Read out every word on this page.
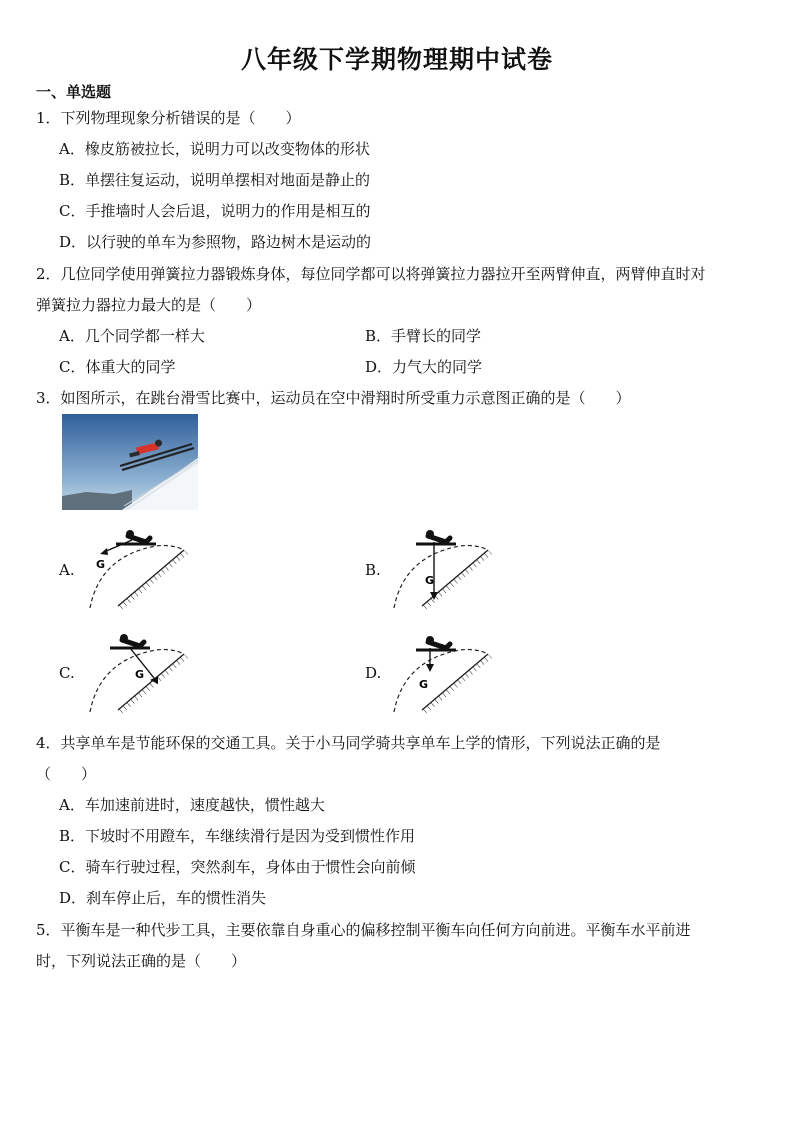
八年级下学期物理期中试卷
一、单选题
1．下列物理现象分析错误的是（　　）
A．橡皮筋被拉长，说明力可以改变物体的形状
B．单摆往复运动，说明单摆相对地面是静止的
C．手推墙时人会后退，说明力的作用是相互的
D．以行驶的单车为参照物，路边树木是运动的
2．几位同学使用弹簧拉力器锻炼身体，每位同学都可以将弹簧拉力器拉开至两臂伸直，两臂伸直时对
弹簧拉力器拉力最大的是（　　）
A．几个同学都一样大	B．手臂长的同学
C．体重大的同学	D．力气大的同学
3．如图所示，在跳台滑雪比赛中，运动员在空中滑翔时所受重力示意图正确的是（　　）
A. G	B.
G
C.	G	D.
G
4．共享单车是节能环保的交通工具。关于小马同学骑共享单车上学的情形，下列说法正确的是
（　　）
A．车加速前进时，速度越快，惯性越大
B．下坡时不用蹬车，车继续滑行是因为受到惯性作用
C．骑车行驶过程，突然刹车，身体由于惯性会向前倾
D．刹车停止后，车的惯性消失
5．平衡车是一种代步工具，主要依靠自身重心的偏移控制平衡车向任何方向前进。平衡车水平前进
时，下列说法正确的是（　　）
